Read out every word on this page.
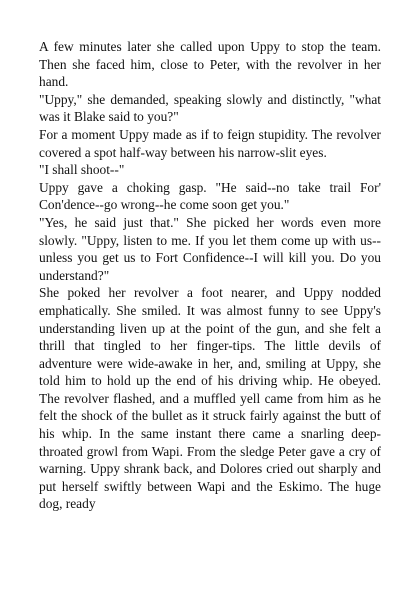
A few minutes later she called upon Uppy to stop the team. Then she faced him, close to Peter, with the revolver in her hand.

"Uppy," she demanded, speaking slowly and distinctly, "what was it Blake said to you?"

For a moment Uppy made as if to feign stupidity. The revolver covered a spot half-way between his narrow-slit eyes.

"I shall shoot--"

Uppy gave a choking gasp. "He said--no take trail For' Con'dence--go wrong--he come soon get you."

"Yes, he said just that." She picked her words even more slowly. "Uppy, listen to me. If you let them come up with us--unless you get us to Fort Confidence--I will kill you. Do you understand?"

She poked her revolver a foot nearer, and Uppy nodded emphatically. She smiled. It was almost funny to see Uppy's understanding liven up at the point of the gun, and she felt a thrill that tingled to her finger-tips. The little devils of adventure were wide-awake in her, and, smiling at Uppy, she told him to hold up the end of his driving whip. He obeyed. The revolver flashed, and a muffled yell came from him as he felt the shock of the bullet as it struck fairly against the butt of his whip. In the same instant there came a snarling deep-throated growl from Wapi. From the sledge Peter gave a cry of warning. Uppy shrank back, and Dolores cried out sharply and put herself swiftly between Wapi and the Eskimo. The huge dog, ready
